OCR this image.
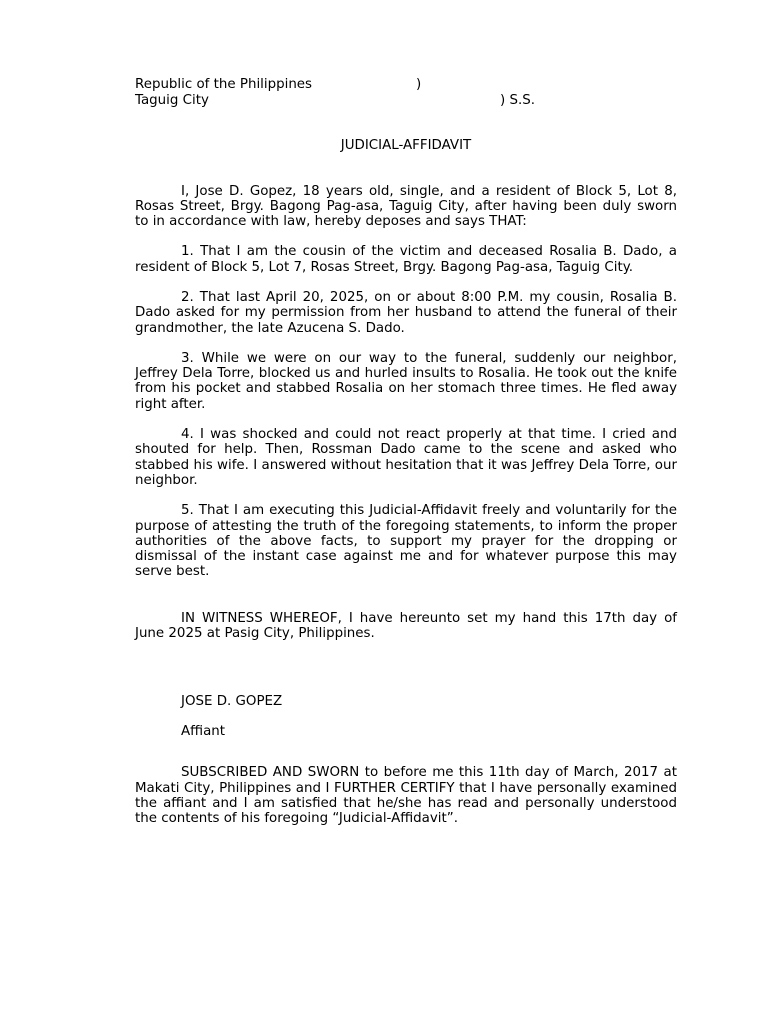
Republic of the Philippines	)
Taguig City	) S.S.
JUDICIAL-AFFIDAVIT

I, Jose D. Gopez, 18 years old, single, and a resident of Block 5, Lot 8, Rosas Street, Brgy. Bagong Pag-asa, Taguig City, after having been duly sworn to in accordance with law, hereby deposes and says THAT:

1. That I am the cousin of the victim and deceased Rosalia B. Dado, a resident of Block 5, Lot 7, Rosas Street, Brgy. Bagong Pag-asa, Taguig City.

2. That last April 20, 2025, on or about 8:00 P.M. my cousin, Rosalia B. Dado asked for my permission from her husband to attend the funeral of their grandmother, the late Azucena S. Dado.

3. While we were on our way to the funeral, suddenly our neighbor, Jeffrey Dela Torre, blocked us and hurled insults to Rosalia. He took out the knife from his pocket and stabbed Rosalia on her stomach three times. He fled away right after.

4. I was shocked and could not react properly at that time. I cried and shouted for help. Then, Rossman Dado came to the scene and asked who stabbed his wife. I answered without hesitation that it was Jeffrey Dela Torre, our neighbor.

5. That I am executing this Judicial-Affidavit freely and voluntarily for the purpose of attesting the truth of the foregoing statements, to inform the proper authorities of the above facts, to support my prayer for the dropping or dismissal of the instant case against me and for whatever purpose this may serve best.

IN WITNESS WHEREOF, I have hereunto set my hand this 17th day of June 2025 at Pasig City, Philippines.

JOSE D. GOPEZ
Affiant

SUBSCRIBED AND SWORN to before me this 11th day of March, 2017 at Makati City, Philippines and I FURTHER CERTIFY that I have personally examined the affiant and I am satisfied that he/she has read and personally understood the contents of his foregoing “Judicial-Affidavit”.
